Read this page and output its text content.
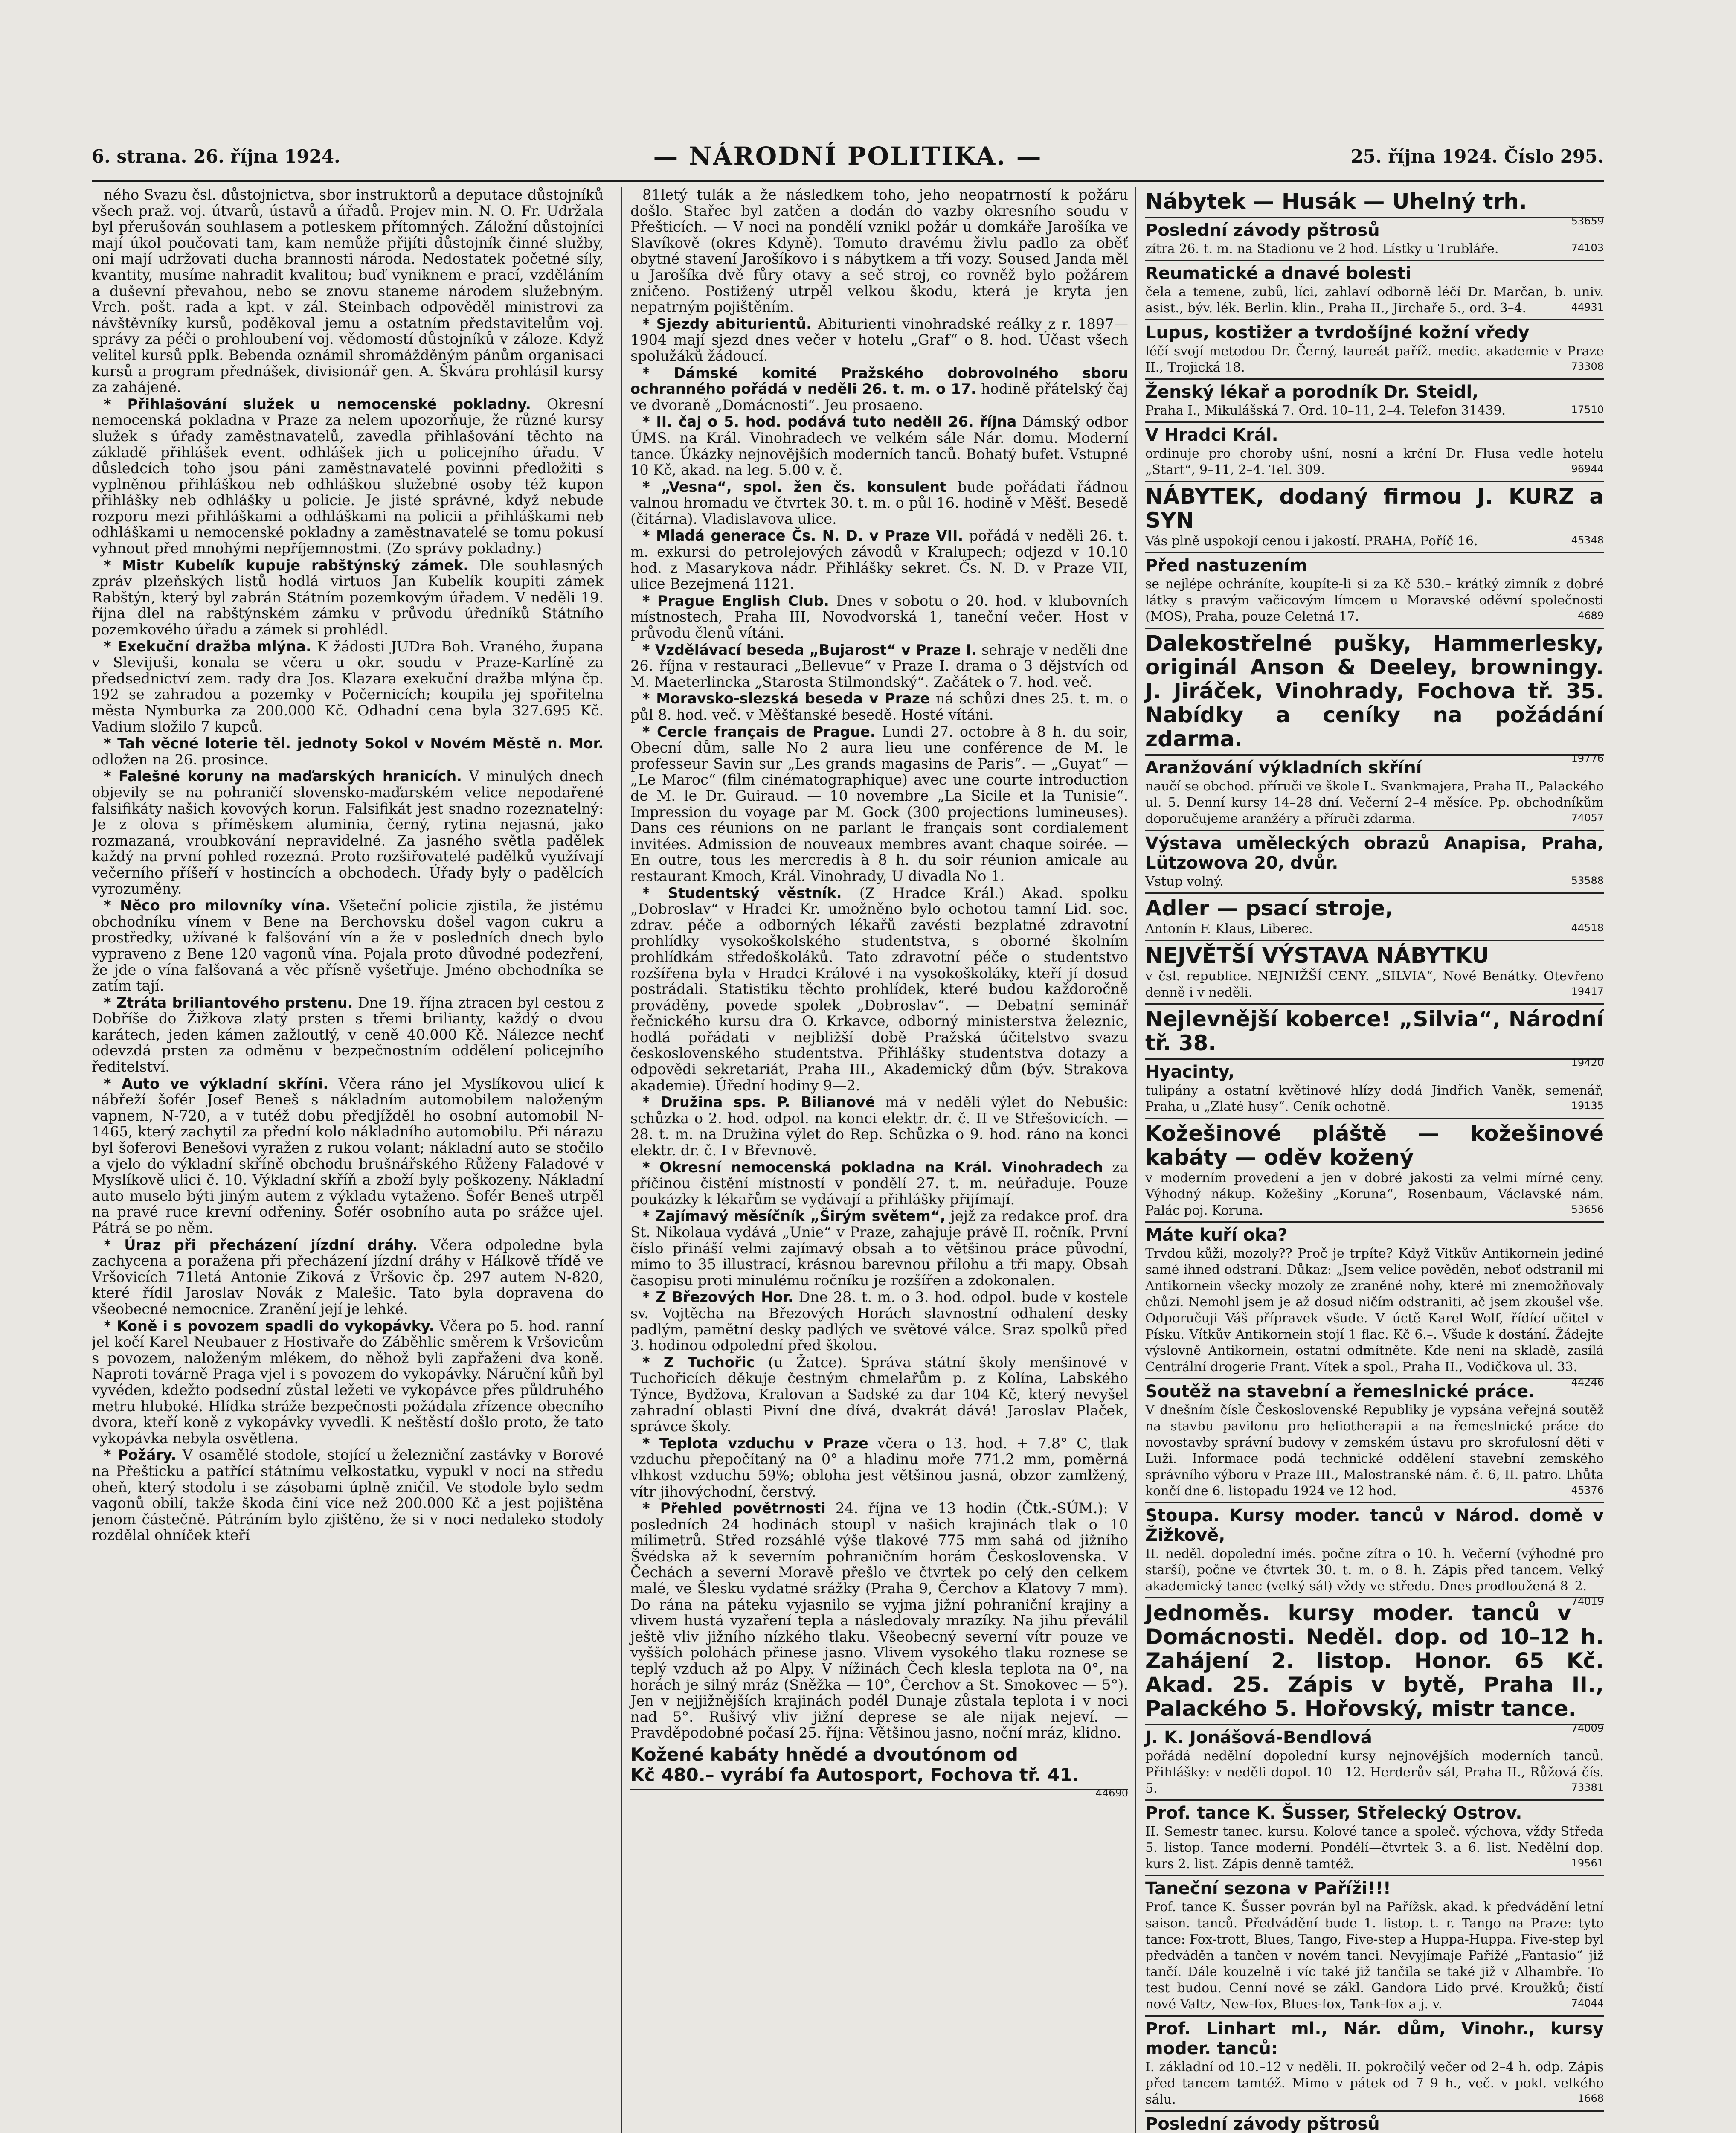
6. strana. 26. října 1924.	— NÁRODNÍ POLITIKA. —	25. října 1924. Číslo 295.

ného Svazu čsl. důstojnictva, sbor instruktorů a deputace důstojníků všech praž. voj. útvarů, ústavů a úřadů. Projev min. N. O. Fr. Udržala byl přerušován souhlasem a potleskem přítomných. Záložní důstojníci mají úkol poučovati tam, kam nemůže přijíti důstojník činné služby, oni mají udržovati ducha brannosti národa. Nedostatek početné síly, kvantity, musíme nahradit kvalitou; buď vyniknem e prací, vzděláním a duševní převahou, nebo se znovu staneme národem služebným. Vrch. pošt. rada a kpt. v zál. Steinbach odpověděl ministrovi za návštěvníky kursů, poděkoval jemu a ostatním představitelům voj. správy za péči o prohloubení voj. vědomostí důstojníků v záloze. Když velitel kursů pplk. Bebenda oznámil shromážděným pánům organisaci kursů a program přednášek, divisionář gen. A. Škvára prohlásil kursy za zahájené.

* Přihlašování služek u nemocenské pokladny. Okresní nemocenská pokladna v Praze za nelem upozorňuje, že různé kursy služek s úřady zaměstnavatelů, zavedla přihlašování těchto na základě přihlášek event. odhlášek jich u policejního úřadu. V důsledcích toho jsou páni zaměstnavatelé povinni předložiti s vyplněnou přihláškou neb odhláškou služebné osoby též kupon přihlášky neb odhlášky u policie. Je jisté správné, když nebude rozporu mezi přihláškami a odhláškami na policii a přihláškami neb odhláškami u nemocenské pokladny a zaměstnavatelé se tomu pokusí vyhnout před mnohými nepříjemnostmi. (Zo správy pokladny.)

* Mistr Kubelík kupuje rabštýnský zámek. Dle souhlasných zpráv plzeňských listů hodlá virtuos Jan Kubelík koupiti zámek Rabštýn, který byl zabrán Státním pozemkovým úřadem. V neděli 19. října dlel na rabštýnském zámku v průvodu úředníků Státního pozemkového úřadu a zámek si prohlédl.

* Exekuční dražba mlýna. K žádosti JUDra Boh. Vraného, župana v Slevijuši, konala se včera u okr. soudu v Praze-Karlíně za předsednictví zem. rady dra Jos. Klazara exekuční dražba mlýna čp. 192 se zahradou a pozemky v Počernicích; koupila jej spořitelna města Nymburka za 200.000 Kč. Odhadní cena byla 327.695 Kč. Vadium složilo 7 kupců.

* Tah věcné loterie těl. jednoty Sokol v Novém Městě n. Mor. odložen na 26. prosince.

* Falešné koruny na maďarských hranicích. V minulých dnech objevily se na pohraničí slovensko-maďarském velice nepodařené falsifikáty našich kovových korun. Falsifikát jest snadno rozeznatelný: Je z olova s příměskem aluminia, černý, rytina nejasná, jako rozmazaná, vroubkování nepravidelné. Za jasného světla padělek každý na první pohled rozezná. Proto rozšiřovatelé padělků využívají večerního příšeří v hostincích a obchodech. Úřady byly o padělcích vyrozuměny.

* Něco pro milovníky vína. Všeteční policie zjistila, že jistému obchodníku vínem v Bene na Berchovsku došel vagon cukru a prostředky, užívané k falšování vín a že v posledních dnech bylo vypraveno z Bene 120 vagonů vína. Pojala proto důvodné podezření, že jde o vína falšovaná a věc přísně vyšetřuje. Jméno obchodníka se zatím tají.

* Ztráta briliantového prstenu. Dne 19. října ztracen byl cestou z Dobříše do Žižkova zlatý prsten s třemi brilianty, každý o dvou karátech, jeden kámen zažloutlý, v ceně 40.000 Kč. Nálezce nechť odevzdá prsten za odměnu v bezpečnostním oddělení policejního ředitelství.

* Auto ve výkladní skříni. Včera ráno jel Myslíkovou ulicí k nábřeží šofér Josef Beneš s nákladním automobilem naloženým vapnem, N-720, a v tutéž dobu předjížděl ho osobní automobil N-1465, který zachytil za přední kolo nákladního automobilu. Při nárazu byl šoferovi Benešovi vyražen z rukou volant; nákladní auto se stočilo a vjelo do výkladní skříně obchodu brušnářského Růženy Faladové v Myslíkově ulici č. 10. Výkladní skříň a zboží byly poškozeny. Nákladní auto muselo býti jiným autem z výkladu vytaženo. Šofér Beneš utrpěl na pravé ruce krevní odřeniny. Šofér osobního auta po srážce ujel. Pátrá se po něm.

* Úraz při přecházení jízdní dráhy. Včera odpoledne byla zachycena a poražena při přecházení jízdní dráhy v Hálkově třídě ve Vršovicích 71letá Antonie Ziková z Vršovic čp. 297 autem N-820, které řídil Jaroslav Novák z Malešic. Tato byla dopravena do všeobecné nemocnice. Zranění její je lehké.

* Koně i s povozem spadli do vykopávky. Včera po 5. hod. ranní jel kočí Karel Neubauer z Hostivaře do Záběhlic směrem k Vršovicům s povozem, naloženým mlékem, do něhož byli zapřaženi dva koně. Naproti továrně Praga vjel i s povozem do vykopávky. Náruční kůň byl vyvéden, kdežto podsední zůstal ležeti ve vykopávce přes půldruhého metru hluboké. Hlídka stráže bezpečnosti požádala zřízence obecního dvora, kteří koně z vykopávky vyvedli. K neštěstí došlo proto, že tato vykopávka nebyla osvětlena.

* Požáry. V osamělé stodole, stojící u železniční zastávky v Borové na Přešticku a patřící státnímu velkostatku, vypukl v noci na středu oheň, který stodolu i se zásobami úplně zničil. Ve stodole bylo sedm vagonů obilí, takže škoda činí více než 200.000 Kč a jest pojištěna jenom částečně. Pátráním bylo zjištěno, že si v noci nedaleko stodoly rozdělal ohníček kteří

81letý tulák a že následkem toho, jeho neopatrností k požáru došlo. Stařec byl zatčen a dodán do vazby okresního soudu v Přešticích. — V noci na pondělí vznikl požár u domkáře Jarošíka ve Slavíkově (okres Kdyně). Tomuto dravému živlu padlo za oběť obytné stavení Jarošíkovo i s nábytkem a tři vozy. Soused Janda měl u Jarošíka dvě fůry otavy a seč stroj, co rovněž bylo požárem zničeno. Postižený utrpěl velkou škodu, která je kryta jen nepatrným pojištěním.

* Sjezdy abiturientů. Abiturienti vinohradské reálky z r. 1897—1904 mají sjezd dnes večer v hotelu „Graf“ o 8. hod. Účast všech spolužáků žádoucí.

* Dámské komité Pražského dobrovolného sboru ochranného pořádá v neděli 26. t. m. o 17. hodině přátelský čaj ve dvoraně „Domácnosti“. Jeu prosaeno.

* II. čaj o 5. hod. podává tuto neděli 26. října Dámský odbor ÚMS. na Král. Vinohradech ve velkém sále Nár. domu. Moderní tance. Úkázky nejnovějších moderních tanců. Bohatý bufet. Vstupné 10 Kč, akad. na leg. 5.00 v. č.

* „Vesna“, spol. žen čs. konsulent bude pořádati řádnou valnou hromadu ve čtvrtek 30. t. m. o půl 16. hodině v Měšť. Besedě (čitárna). Vladislavova ulice.

* Mladá generace Čs. N. D. v Praze VII. pořádá v neděli 26. t. m. exkursi do petrolejových závodů v Kralupech; odjezd v 10.10 hod. z Masarykova nádr. Přihlášky sekret. Čs. N. D. v Praze VII, ulice Bezejmená 1121.

* Prague English Club. Dnes v sobotu o 20. hod. v klubovních místnostech, Praha III, Novodvorská 1, taneční večer. Host v průvodu členů vítáni.

* Vzdělávací beseda „Bujarost“ v Praze I. sehraje v neděli dne 26. října v restauraci „Bellevue“ v Praze I. drama o 3 dějstvích od M. Maeterlincka „Starosta Stilmondský“. Začátek o 7. hod. več.

* Moravsko-slezská beseda v Praze ná schůzi dnes 25. t. m. o půl 8. hod. več. v Měšťanské besedě. Hosté vítáni.

* Cercle français de Prague. Lundi 27. octobre à 8 h. du soir, Obecní dům, salle No 2 aura lieu une conférence de M. le professeur Savin sur „Les grands magasins de Paris“. — „Guyat“ — „Le Maroc“ (film cinématographique) avec une courte introduction de M. le Dr. Guiraud. — 10 novembre „La Sicile et la Tunisie“. Impression du voyage par M. Gock (300 projections lumineuses). Dans ces réunions on ne parlant le français sont cordialement invitées. Admission de nouveaux membres avant chaque soirée. — En outre, tous les mercredis à 8 h. du soir réunion amicale au restaurant Kmoch, Král. Vinohrady, U divadla No 1.

* Studentský věstník. (Z Hradce Král.) Akad. spolku „Dobroslav“ v Hradci Kr. umožněno bylo ochotou tamní Lid. soc. zdrav. péče a odborných lékařů zavésti bezplatné zdravotní prohlídky vysokoškolského studentstva, s oborné školním prohlídkám středoškoláků. Tato zdravotní péče o studentstvo rozšířena byla v Hradci Králové i na vysokoškoláky, kteří jí dosud postrádali. Statistiku těchto prohlídek, které budou každoročně prováděny, povede spolek „Dobroslav“. — Debatní seminář řečnického kursu dra O. Krkavce, odborný ministerstva železnic, hodlá pořádati v nejbližší době Pražská účitelstvo svazu československého studentstva. Přihlášky studentstva dotazy a odpovědi sekretariát, Praha III., Akademický dům (býv. Strakova akademie). Úřední hodiny 9—2.

* Družina sps. P. Bilianové má v neděli výlet do Nebušic: schůzka o 2. hod. odpol. na konci elektr. dr. č. II ve Střešovicích. — 28. t. m. na Družina výlet do Rep. Schůzka o 9. hod. ráno na konci elektr. dr. č. I v Břevnově.

* Okresní nemocenská pokladna na Král. Vinohradech za příčinou čistění místností v pondělí 27. t. m. neúřaduje. Pouze poukázky k lékařům se vydávají a přihlášky přijímají.

* Zajímavý měsíčník „Širým světem“, jejž za redakce prof. dra St. Nikolaua vydává „Unie“ v Praze, zahajuje právě II. ročník. První číslo přináší velmi zajímavý obsah a to většinou práce původní, mimo to 35 illustrací, krásnou barevnou přílohu a tři mapy. Obsah časopisu proti minulému ročníku je rozšířen a zdokonalen.

* Z Březových Hor. Dne 28. t. m. o 3. hod. odpol. bude v kostele sv. Vojtěcha na Březových Horách slavnostní odhalení desky padlým, pamětní desky padlých ve světové válce. Sraz spolků před 3. hodinou odpolední před školou.

* Z Tuchořic (u Žatce). Správa státní školy menšinové v Tuchořicích děkuje čestným chmelařům p. z Kolína, Labského Týnce, Bydžova, Kralovan a Sadské za dar 104 Kč, který nevyšel zahradní oblasti Pivní dne dívá, dvakrát dává! Jaroslav Plaček, správce školy.

* Teplota vzduchu v Praze včera o 13. hod. + 7.8° C, tlak vzduchu přepočítaný na 0° a hladinu moře 771.2 mm, poměrná vlhkost vzduchu 59%; obloha jest většinou jasná, obzor zamlžený, vítr jihovýchodní, čerstvý.

* Přehled povětrnosti 24. října ve 13 hodin (Čtk.-SÚM.): V posledních 24 hodinách stoupl v našich krajinách tlak o 10 milimetrů. Střed rozsáhlé výše tlakové 775 mm sahá od jižního Švédska až k severním pohraničním horám Československa. V Čechách a severní Moravě přešlo ve čtvrtek po celý den celkem malé, ve Šlesku vydatné srážky (Praha 9, Čerchov a Klatovy 7 mm). Do rána na páteku vyjasnilo se vyjma jižní pohraniční krajiny a vlivem hustá vyzaření tepla a následovaly mrazíky. Na jihu převálil ještě vliv jižního nízkého tlaku. Všeobecný severní vítr pouze ve vyšších polohách přinese jasno. Vlivem vysokého tlaku roznese se teplý vzduch až po Alpy. V nížinách Čech klesla teplota na 0°, na horách je silný mráz (Sněžka — 10°, Čerchov a St. Smokovec — 5°). Jen v nejjižnějších krajinách podél Dunaje zůstala teplota i v noci nad 5°. Rušivý vliv jižní deprese se ale nijak nejeví. — Pravděpodobné počasí 25. října: Většinou jasno, noční mráz, klidno.

Kožené kabáty hnědé a dvoutónom od
Kč 480.– vyrábí fa Autosport, Fochova tř. 41.
44690
Nábytek — Husák — Uhelný trh.
53659
Poslední závody pštrosů
zítra 26. t. m. na Stadionu ve 2 hod. Lístky u Trubláře.	74103
Reumatické a dnavé bolesti
čela a temene, zubů, líci, zahlaví odborně léčí Dr. Marčan, b. univ. asist., býv. lék. Berlin. klin., Praha II., Jirchaře 5., ord. 3–4.	44931
Lupus, kostižer a tvrdošíjné kožní vředy
léčí svojí metodou Dr. Černý, laureát paříž. medic. akademie v Praze II., Trojická 18.	73308
Ženský lékař a porodník Dr. Steidl,
Praha I., Mikulášská 7. Ord. 10–11, 2–4. Telefon 31439.	17510
V Hradci Král.
ordinuje pro choroby ušní, nosní a krční Dr. Flusa vedle hotelu „Start“, 9–11, 2–4. Tel. 309.	96944
NÁBYTEK, dodaný firmou J. KURZ a SYN
Vás plně uspokojí cenou i jakostí. PRAHA, Poříč 16.	45348
Před nastuzením
se nejlépe ochráníte, koupíte-li si za Kč 530.– krátký zimník z dobré látky s pravým vačicovým límcem u Moravské oděvní společnosti (MOS), Praha, pouze Celetná 17.	4689
Dalekostřelné pušky, Hammerlesky, originál Anson & Deeley, browningy. J. Jiráček, Vinohrady, Fochova tř. 35. Nabídky a ceníky na požádání zdarma.
19776
Aranžování výkladních skříní
naučí se obchod. příruči ve škole L. Svankmajera, Praha II., Palackého ul. 5. Denní kursy 14–28 dní. Večerní 2–4 měsíce. Pp. obchodníkům doporučujeme aranžéry a příruči zdarma.	74057
Výstava uměleckých obrazů Anapisa, Praha, Lützowova 20, dvůr.
Vstup volný.	53588
Adler — psací stroje,
Antonín F. Klaus, Liberec.	44518
NEJVĚTŠÍ VÝSTAVA NÁBYTKU
v čsl. republice. NEJNIŽŠÍ CENY. „SILVIA“, Nové Benátky. Otevřeno denně i v neděli.	19417
Nejlevnější koberce! „Silvia“, Národní tř. 38.
19420
Hyacinty,
tulipány a ostatní květinové hlízy dodá Jindřich Vaněk, semenář, Praha, u „Zlaté husy“. Ceník ochotně.	19135
Kožešinové pláště — kožešinové kabáty — oděv kožený
v moderním provedení a jen v dobré jakosti za velmi mírné ceny. Výhodný nákup. Kožešiny „Koruna“, Rosenbaum, Václavské nám. Palác poj. Koruna.	53656
Máte kuří oka?
Trvdou kůži, mozoly?? Proč je trpíte? Když Vitkův Antikornein jediné samé ihned odstraní. Důkaz: „Jsem velice pověděn, neboť odstranil mi Antikornein všecky mozoly ze zraněné nohy, které mi znemožňovaly chůzi. Nemohl jsem je až dosud ničím odstraniti, ač jsem zkoušel vše. Odporučuji Váš přípravek všude. V úctě Karel Wolf, řídící učitel v Písku. Vítkův Antikornein stojí 1 flac. Kč 6.–. Všude k dostání. Žádejte výslovně Antikornein, ostatní odmítněte. Kde není na skladě, zasílá Centrální drogerie Frant. Vítek a spol., Praha II., Vodičkova ul. 33.
44246
Soutěž na stavební a řemeslnické práce.
V dnešním čísle Československé Republiky je vypsána veřejná soutěž na stavbu pavilonu pro heliotherapii a na řemeslnické práce do novostavby správní budovy v zemském ústavu pro skrofulosní děti v Luži. Informace podá technické oddělení stavební zemského správního výboru v Praze III., Malostranské nám. č. 6, II. patro. Lhůta končí dne 6. listopadu 1924 ve 12 hod.	45376
Stoupa. Kursy moder. tanců v Národ. domě v Žižkově,
II. neděl. dopolední imés. počne zítra o 10. h. Večerní (výhodné pro starší), počne ve čtvrtek 30. t. m. o 8. h. Zápis před tancem. Velký akademický tanec (velký sál) vždy ve středu. Dnes prodloužená 8–2.
74019
Jednoměs. kursy moder. tanců v Domácnosti. Neděl. dop. od 10–12 h. Zahájení 2. listop. Honor. 65 Kč. Akad. 25. Zápis v bytě, Praha II., Palackého 5. Hořovský, mistr tance.
74009
J. K. Jonášová-Bendlová
pořádá nedělní dopolední kursy nejnovějších moderních tanců. Přihlášky: v neděli dopol. 10—12. Herderův sál, Praha II., Růžová čís. 5.	73381
Prof. tance K. Šusser, Střelecký Ostrov.
II. Semestr tanec. kursu. Kolové tance a společ. výchova, vždy Středa 5. listop. Tance moderní. Pondělí—čtvrtek 3. a 6. list. Nedělní dop. kurs 2. list. Zápis denně tamtéž.	19561
Taneční sezona v Paříži!!!
Prof. tance K. Šusser povrán byl na Pařížsk. akad. k předvádění letní saison. tanců. Předvádění bude 1. listop. t. r. Tango na Praze: tyto tance: Fox-trott, Blues, Tango, Five-step a Huppa-Huppa. Five-step byl předváděn a tančen v novém tanci. Nevyjímaje Pařížé „Fantasio“ již tančí. Dále kouzelně i víc také již tančila se také již v Alhambře. To test budou. Cenní nové se zákl. Gandora Lido prvé. Kroužků; čistí nové Valtz, New-fox, Blues-fox, Tank-fox a j. v.	74044
Prof. Linhart ml., Nár. dům, Vinohr., kursy moder. tanců:
I. základní od 10.–12 v neděli. II. pokročilý večer od 2–4 h. odp. Zápis před tancem tamtéž. Mimo v pátek od 7–9 h., več. v pokl. velkého sálu.	1668
Poslední závody pštrosů
